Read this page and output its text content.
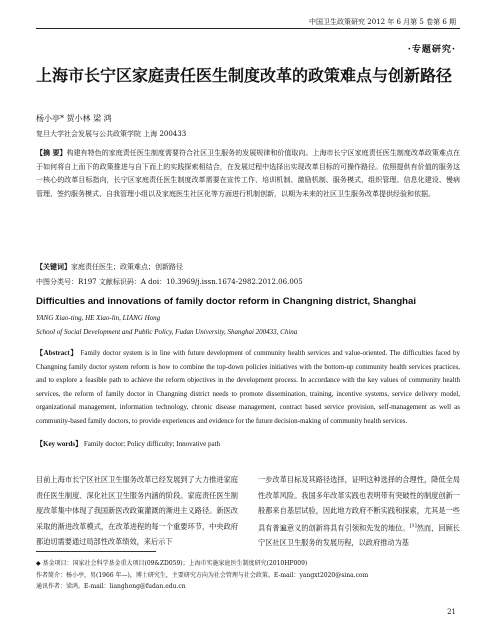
中国卫生政策研究 2012 年 6 月第 5 卷第 6 期
·专题研究·
上海市长宁区家庭责任医生制度改革的政策难点与创新路径
杨小亭* 贺小林 梁 鸿
复旦大学社会发展与公共政策学院 上海 200433
【摘 要】构建有特色的家庭责任医生制度需要符合社区卫生服务的发展规律和价值取向。上海市长宁区家庭责任医生制度改革政策难点在于如何将自上而下的政策推进与自下而上的实践探索相结合，在发展过程中选择出实现改革目标的可操作路径。依照提供有价值的服务这一核心的改革目标指向，长宁区家庭责任医生制度改革需要在宣传工作、培训机制、激励机制、服务模式、组织管理、信息化建设、慢病管理、签约服务模式、自我管理小组以及家庭医生社区化等方面进行机制创新，以期为未来的社区卫生服务改革提供经验和依据。
【关键词】家庭责任医生；政策难点；创新路径
中图分类号：R197 文献标识码：A doi：10.3969/j.issn.1674-2982.2012.06.005
Difficulties and innovations of family doctor reform in Changning district, Shanghai
YANG Xiao-ting, HE Xiao-lin, LIANG Hong
School of Social Development and Public Policy, Fudan University, Shanghai 200433, China
【Abstract】 Family doctor system is in line with future development of community health services and value-oriented. The difficulties faced by Changning family doctor system reform is how to combine the top-down policies initiatives with the bottom-up community health services practices, and to explore a feasible path to achieve the reform objectives in the development process. In accordance with the key values of community health services, the reform of family doctor in Changning district needs to promote dissemination, training, incentive systems, service delivery model, organizational management, information technology, chronic disease management, contract based service provision, self-management as well as community-based family doctors, to provide experiences and evidence for the future decision-making of community health services.
【Key words】 Family doctor; Policy difficulty; Innovative path
目前上海市长宁区社区卫生服务改革已经发展到了大力推进家庭责任医生制度、深化社区卫生服务内涵的阶段。家庭责任医生制度改革集中体现了我国新医改政策灌溉的渐进主义路径。新医改采取的渐进改革模式，在改革进程的每一个重要环节，中央政府都迫切需要通过局部性改革绩效，来后示下
一步改革目标及其路径选择，证明这种选择的合理性，降低全局性改革风险。我国多年改革实践也表明带有突破性的制度创新一般都来自基层试验，因此地方政府不断实践和探索，尤其是一些具有普遍意义的创新将具有引领和先发的地位。[1]然而，回顾长宁区社区卫生服务的发展历程，以政府推动为基
◆ 基金项目：国家社会科学基金重大项目(09&ZD059)；上海市实施家庭医生制度研究(2010HP009)
作者简介：杨小亭，男(1966 年—)，博士研究生，主要研究方向为社会管理与社会政策。E-mail：yangxt2020@sina.com
通讯作者：梁鸿。E-mail：lianghong@fudan.edu.cn
21
